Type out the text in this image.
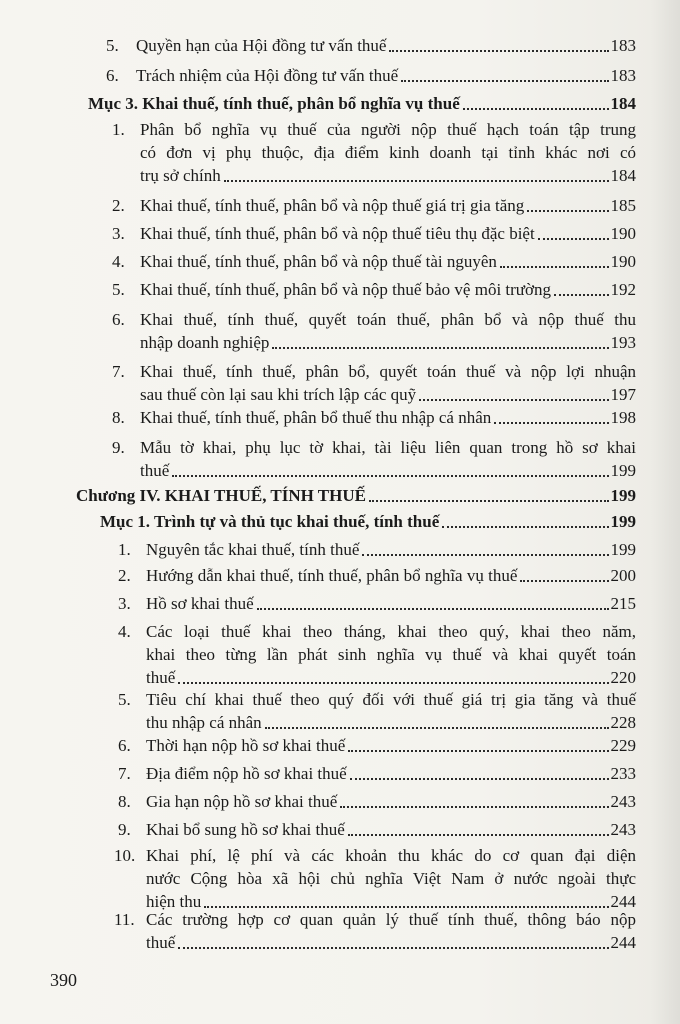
5. Quyền hạn của Hội đồng tư vấn thuế	183
6. Trách nhiệm của Hội đồng tư vấn thuế	183
Mục 3. Khai thuế, tính thuế, phân bổ nghĩa vụ thuế	184
1. Phân bổ nghĩa vụ thuế của người nộp thuế hạch toán tập trung
có đơn vị phụ thuộc, địa điểm kinh doanh tại tỉnh khác nơi có
trụ sở chính	184
2. Khai thuế, tính thuế, phân bổ và nộp thuế giá trị gia tăng	185
3. Khai thuế, tính thuế, phân bổ và nộp thuế tiêu thụ đặc biệt	190
4. Khai thuế, tính thuế, phân bổ và nộp thuế tài nguyên	190
5. Khai thuế, tính thuế, phân bổ và nộp thuế bảo vệ môi trường	192
6. Khai thuế, tính thuế, quyết toán thuế, phân bổ và nộp thuế thu
nhập doanh nghiệp	193
7. Khai thuế, tính thuế, phân bổ, quyết toán thuế và nộp lợi nhuận
sau thuế còn lại sau khi trích lập các quỹ	197
8. Khai thuế, tính thuế, phân bổ thuế thu nhập cá nhân	198
9. Mẫu tờ khai, phụ lục tờ khai, tài liệu liên quan trong hồ sơ khai
thuế	199
Chương IV. KHAI THUẾ, TÍNH THUẾ	199
Mục 1. Trình tự và thủ tục khai thuế, tính thuế	199
1. Nguyên tắc khai thuế, tính thuế	199
2. Hướng dẫn khai thuế, tính thuế, phân bổ nghĩa vụ thuế	200
3. Hồ sơ khai thuế	215
4. Các loại thuế khai theo tháng, khai theo quý, khai theo năm,
khai theo từng lần phát sinh nghĩa vụ thuế và khai quyết toán
thuế	220
5. Tiêu chí khai thuế theo quý đối với thuế giá trị gia tăng và thuế
thu nhập cá nhân	228
6. Thời hạn nộp hồ sơ khai thuế	229
7. Địa điểm nộp hồ sơ khai thuế	233
8. Gia hạn nộp hồ sơ khai thuế	243
9. Khai bổ sung hồ sơ khai thuế	243
10. Khai phí, lệ phí và các khoản thu khác do cơ quan đại diện
nước Cộng hòa xã hội chủ nghĩa Việt Nam ở nước ngoài thực
hiện thu	244
11. Các trường hợp cơ quan quản lý thuế tính thuế, thông báo nộp
thuế	244
390
